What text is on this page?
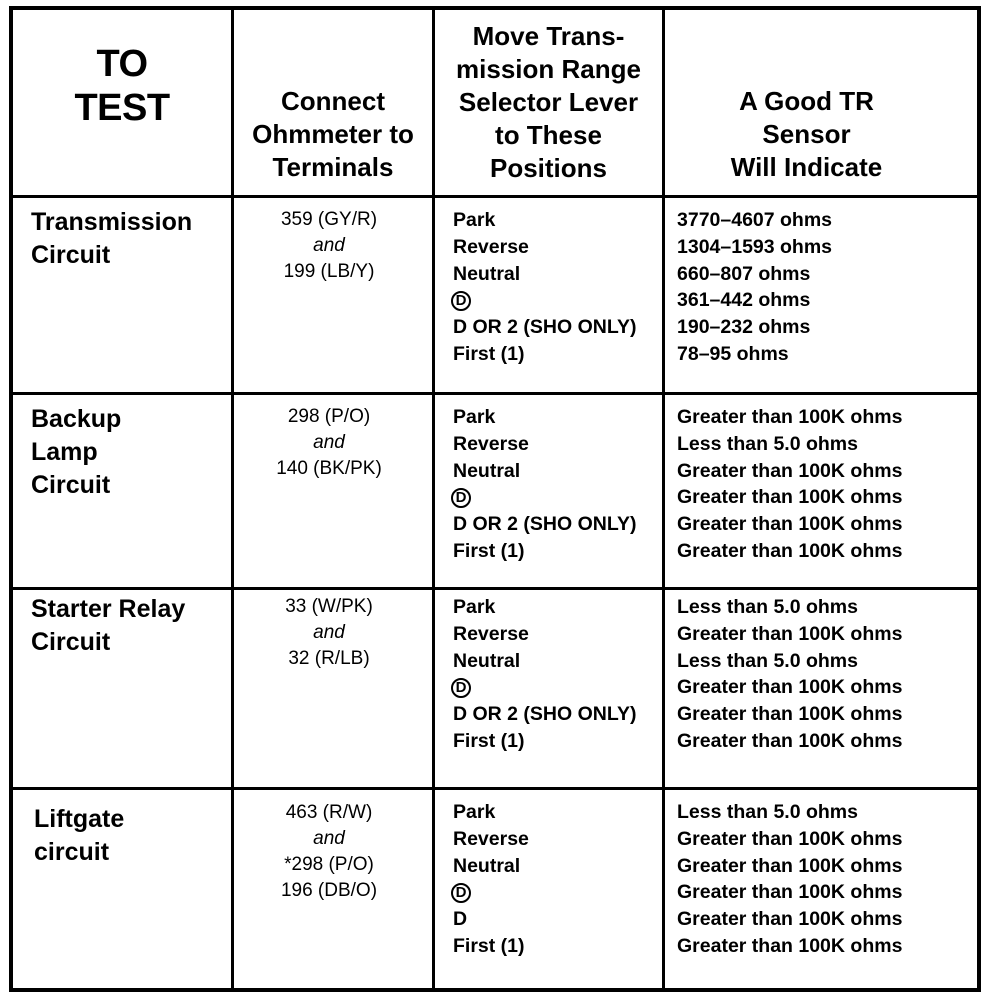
TO
TEST	Connect
Ohmmeter to
Terminals
Move Trans-
mission Range
Selector Lever
to These
Positions
A Good TR
Sensor
Will Indicate
Transmission
Circuit
359 (GY/R)
and
199 (LB/Y)
Park
Reverse
Neutral
D
D OR 2 (SHO ONLY)
First (1)
3770–4607 ohms
1304–1593 ohms
660–807 ohms
361–442 ohms
190–232 ohms
78–95 ohms
Backup
Lamp
Circuit
298 (P/O)
and
140 (BK/PK)
Park
Reverse
Neutral
D
D OR 2 (SHO ONLY)
First (1)
Greater than 100K ohms
Less than 5.0 ohms
Greater than 100K ohms
Greater than 100K ohms
Greater than 100K ohms
Greater than 100K ohms
Starter Relay
Circuit
33 (W/PK)
and
32 (R/LB)
Park
Reverse
Neutral
D
D OR 2 (SHO ONLY)
First (1)
Less than 5.0 ohms
Greater than 100K ohms
Less than 5.0 ohms
Greater than 100K ohms
Greater than 100K ohms
Greater than 100K ohms
Liftgate
circuit
463 (R/W)
and
*298 (P/O)
196 (DB/O)
Park
Reverse
Neutral
D
D
First (1)
Less than 5.0 ohms
Greater than 100K ohms
Greater than 100K ohms
Greater than 100K ohms
Greater than 100K ohms
Greater than 100K ohms
